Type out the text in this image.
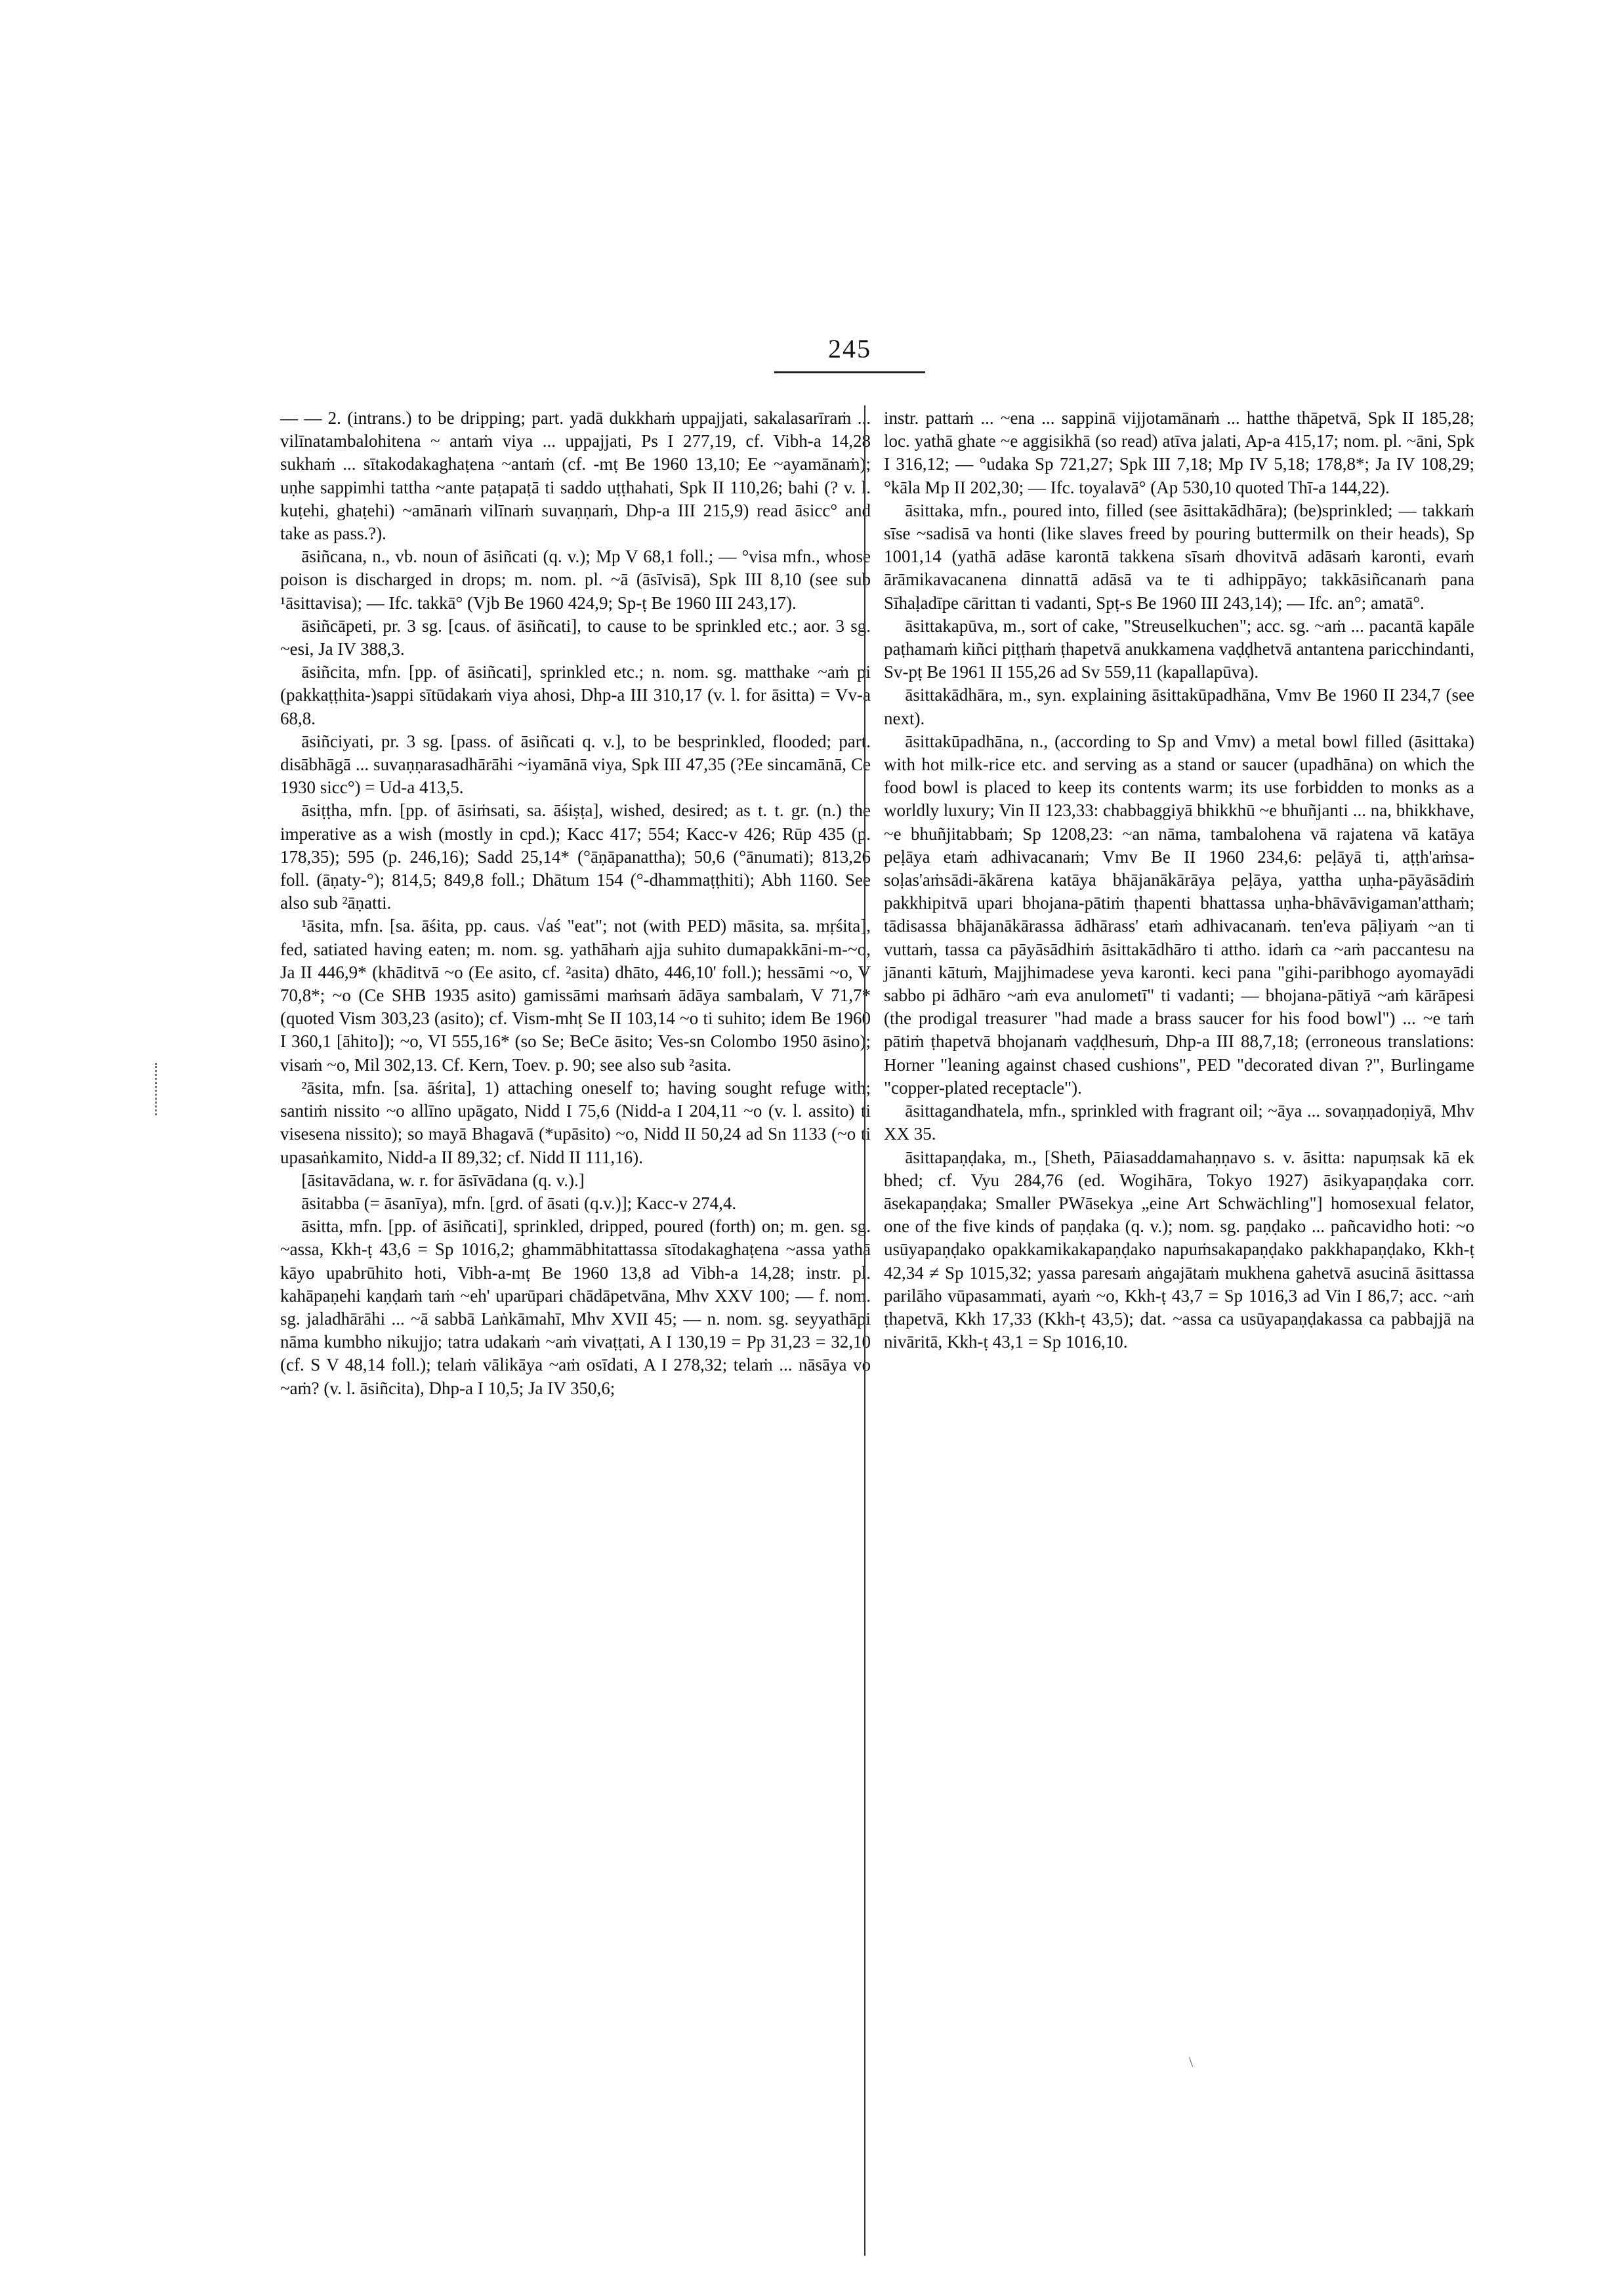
245

— — 2. (intrans.) to be dripping; part. yadā dukkhaṁ uppajjati, sakalasarīraṁ ... vilīnatambalohitena ~ antaṁ viya ... uppajjati, Ps I 277,19, cf. Vibh-a 14,28 sukhaṁ ... sītakodakaghaṭena ~antaṁ (cf. -mṭ Be 1960 13,10; Ee ~ayamānaṁ); uṇhe sappimhi tattha ~ante paṭapaṭā ti saddo uṭṭhahati, Spk II 110,26; bahi (? v. l. kuṭehi, ghaṭehi) ~amānaṁ vilīnaṁ suvaṇṇaṁ, Dhp-a III 215,9) read āsicc° and take as pass.?).

āsiñcana, n., vb. noun of āsiñcati (q. v.); Mp V 68,1 foll.; — °visa mfn., whose poison is discharged in drops; m. nom. pl. ~ā (āsīvisā), Spk III 8,10 (see sub ¹āsittavisa); — Ifc. takkā° (Vjb Be 1960 424,9; Sp-ṭ Be 1960 III 243,17).

āsiñcāpeti, pr. 3 sg. [caus. of āsiñcati], to cause to be sprinkled etc.; aor. 3 sg. ~esi, Ja IV 388,3.

āsiñcita, mfn. [pp. of āsiñcati], sprinkled etc.; n. nom. sg. matthake ~aṁ pi (pakkaṭṭhita-)sappi sītūdakaṁ viya ahosi, Dhp-a III 310,17 (v. l. for āsitta) = Vv-a 68,8.

āsiñciyati, pr. 3 sg. [pass. of āsiñcati q. v.], to be besprinkled, flooded; part. disābhāgā ... suvaṇṇarasadhārāhi ~iyamānā viya, Spk III 47,35 (?Ee sincamānā, Ce 1930 sicc°) = Ud-a 413,5.

āsiṭṭha, mfn. [pp. of āsiṁsati, sa. āśiṣṭa], wished, desired; as t. t. gr. (n.) the imperative as a wish (mostly in cpd.); Kacc 417; 554; Kacc-v 426; Rūp 435 (p. 178,35); 595 (p. 246,16); Sadd 25,14* (°āṇāpanattha); 50,6 (°ānumati); 813,26 foll. (āṇaty-°); 814,5; 849,8 foll.; Dhātum 154 (°-dhammaṭṭhiti); Abh 1160. See also sub ²āṇatti.

¹āsita, mfn. [sa. āśita, pp. caus. √aś "eat"; not (with PED) māsita, sa. mṛśita], fed, satiated having eaten; m. nom. sg. yathāhaṁ ajja suhito dumapakkāni-m-~o, Ja II 446,9* (khāditvā ~o (Ee asito, cf. ²asita) dhāto, 446,10' foll.); hessāmi ~o, V 70,8*; ~o (Ce SHB 1935 asito) gamissāmi maṁsaṁ ādāya sambalaṁ, V 71,7* (quoted Vism 303,23 (asito); cf. Vism-mhṭ Se II 103,14 ~o ti suhito; idem Be 1960 I 360,1 [āhito]); ~o, VI 555,16* (so Se; BeCe āsito; Ves-sn Colombo 1950 āsino); visaṁ ~o, Mil 302,13. Cf. Kern, Toev. p. 90; see also sub ²asita.

²āsita, mfn. [sa. āśrita], 1) attaching oneself to; having sought refuge with; santiṁ nissito ~o allīno upāgato, Nidd I 75,6 (Nidd-a I 204,11 ~o (v. l. assito) ti visesena nissito); so mayā Bhagavā (*upāsito) ~o, Nidd II 50,24 ad Sn 1133 (~o ti upasaṅkamito, Nidd-a II 89,32; cf. Nidd II 111,16).

[āsitavādana, w. r. for āsīvādana (q. v.).]

āsitabba (= āsanīya), mfn. [grd. of āsati (q.v.)]; Kacc-v 274,4.

āsitta, mfn. [pp. of āsiñcati], sprinkled, dripped, poured (forth) on; m. gen. sg. ~assa, Kkh-ṭ 43,6 = Sp 1016,2; ghammābhitattassa sītodakaghaṭena ~assa yathā kāyo upabrūhito hoti, Vibh-a-mṭ Be 1960 13,8 ad Vibh-a 14,28; instr. pl. kahāpaṇehi kaṇḍaṁ taṁ ~eh' uparūpari chādāpetvāna, Mhv XXV 100; — f. nom. sg. jaladhārāhi ... ~ā sabbā Laṅkāmahī, Mhv XVII 45; — n. nom. sg. seyyathāpi nāma kumbho nikujjo; tatra udakaṁ ~aṁ vivaṭṭati, A I 130,19 = Pp 31,23 = 32,10 (cf. S V 48,14 foll.); telaṁ vālikāya ~aṁ osīdati, A I 278,32; telaṁ ... nāsāya vo ~aṁ? (v. l. āsiñcita), Dhp-a I 10,5; Ja IV 350,6;

instr. pattaṁ ... ~ena ... sappinā vijjotamānaṁ ... hatthe thāpetvā, Spk II 185,28; loc. yathā ghate ~e aggisikhā (so read) atīva jalati, Ap-a 415,17; nom. pl. ~āni, Spk I 316,12; — °udaka Sp 721,27; Spk III 7,18; Mp IV 5,18; 178,8*; Ja IV 108,29; °kāla Mp II 202,30; — Ifc. toyalavā° (Ap 530,10 quoted Thī-a 144,22).

āsittaka, mfn., poured into, filled (see āsittakādhāra); (be)sprinkled; — takkaṁ sīse ~sadisā va honti (like slaves freed by pouring buttermilk on their heads), Sp 1001,14 (yathā adāse karontā takkena sīsaṁ dhovitvā adāsaṁ karonti, evaṁ ārāmikavacanena dinnattā adāsā va te ti adhippāyo; takkāsiñcanaṁ pana Sīhaḷadīpe cārittan ti vadanti, Spṭ-s Be 1960 III 243,14); — Ifc. an°; amatā°.

āsittakapūva, m., sort of cake, "Streuselkuchen"; acc. sg. ~aṁ ... pacantā kapāle paṭhamaṁ kiñci piṭṭhaṁ ṭhapetvā anukkamena vaḍḍhetvā antantena paricchindanti, Sv-pṭ Be 1961 II 155,26 ad Sv 559,11 (kapallapūva).

āsittakādhāra, m., syn. explaining āsittakūpadhāna, Vmv Be 1960 II 234,7 (see next).

āsittakūpadhāna, n., (according to Sp and Vmv) a metal bowl filled (āsittaka) with hot milk-rice etc. and serving as a stand or saucer (upadhāna) on which the food bowl is placed to keep its contents warm; its use forbidden to monks as a worldly luxury; Vin II 123,33: chabbaggiyā bhikkhū ~e bhuñjanti ... na, bhikkhave, ~e bhuñjitabbaṁ; Sp 1208,23: ~an nāma, tambalohena vā rajatena vā katāya peḷāya etaṁ adhivacanaṁ; Vmv Be II 1960 234,6: peḷāyā ti, aṭṭh'aṁsa-soḷas'aṁsādi-ākārena katāya bhājanākārāya peḷāya, yattha uṇha-pāyāsādiṁ pakkhipitvā upari bhojana-pātiṁ ṭhapenti bhattassa uṇha-bhāvāvigaman'atthaṁ; tādisassa bhājanākārassa ādhārass' etaṁ adhivacanaṁ. ten'eva pāḷiyaṁ ~an ti vuttaṁ, tassa ca pāyāsādhiṁ āsittakādhāro ti attho. idaṁ ca ~aṁ paccantesu na jānanti kātuṁ, Majjhimadese yeva karonti. keci pana "gihi-paribhogo ayomayādi sabbo pi ādhāro ~aṁ eva anulometī" ti vadanti; — bhojana-pātiyā ~aṁ kārāpesi (the prodigal treasurer "had made a brass saucer for his food bowl") ... ~e taṁ pātiṁ ṭhapetvā bhojanaṁ vaḍḍhesuṁ, Dhp-a III 88,7,18; (erroneous translations: Horner "leaning against chased cushions", PED "decorated divan ?", Burlingame "copper-plated receptacle").

āsittagandhatela, mfn., sprinkled with fragrant oil; ~āya ... sovaṇṇadoṇiyā, Mhv XX 35.

āsittapaṇḍaka, m., [Sheth, Pāiasaddamahaṇṇavo s. v. āsitta: napuṃsak kā ek bhed; cf. Vyu 284,76 (ed. Wogihāra, Tokyo 1927) āsikyapaṇḍaka corr. āsekapaṇḍaka; Smaller PWāsekya „eine Art Schwächling"] homosexual felator, one of the five kinds of paṇḍaka (q. v.); nom. sg. paṇḍako ... pañcavidho hoti: ~o usūyapaṇḍako opakkamikakapaṇḍako napuṁsakapaṇḍako pakkhapaṇḍako, Kkh-ṭ 42,34 ≠ Sp 1015,32; yassa paresaṁ aṅgajātaṁ mukhena gahetvā asucinā āsittassa parilāho vūpasammati, ayaṁ ~o, Kkh-ṭ 43,7 = Sp 1016,3 ad Vin I 86,7; acc. ~aṁ ṭhapetvā, Kkh 17,33 (Kkh-ṭ 43,5); dat. ~assa ca usūyapaṇḍakassa ca pabbajjā na nivāritā, Kkh-ṭ 43,1 = Sp 1016,10.

\
